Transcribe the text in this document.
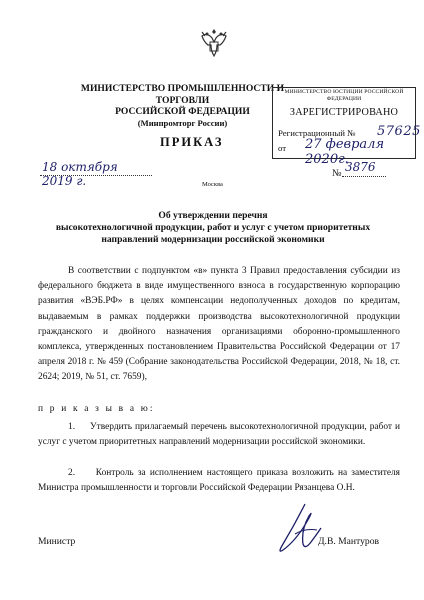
МИНИСТЕРСТВО ПРОМЫШЛЕННОСТИ И ТОРГОВЛИ
РОССИЙСКОЙ ФЕДЕРАЦИИ
(Минпромторг России)
МИНИСТЕРСТВО ЮСТИЦИИ РОССИЙСКОЙ ФЕДЕРАЦИИ
ЗАРЕГИСТРИРОВАНО
Регистрационный № 57625
от 27 февраля 2020г.
ПРИКАЗ
18 октября 2019 г.	Москва
№ 3876
Об утверждении перечня
высокотехнологичной продукции, работ и услуг с учетом приоритетных
направлений модернизации российской экономики
В соответствии с подпунктом «в» пункта 3 Правил предоставления субсидии из федерального бюджета в виде имущественного взноса в государственную корпорацию развития «ВЭБ.РФ» в целях компенсации недополученных доходов по кредитам, выдаваемым в рамках поддержки производства высокотехнологичной продукции гражданского и двойного назначения организациями оборонно-промышленного комплекса, утвержденных постановлением Правительства Российской Федерации от 17 апреля 2018 г. № 459 (Собрание законодательства Российской Федерации, 2018, № 18, ст. 2624; 2019, № 51, ст. 7659),
п р и к а з ы в а ю:
1.     Утвердить прилагаемый перечень высокотехнологичной продукции, работ и услуг с учетом приоритетных направлений модернизации российской экономики.
2.     Контроль за исполнением настоящего приказа возложить на заместителя Министра промышленности и торговли Российской Федерации Рязанцева О.Н.
Министр	Д.В. Мантуров
